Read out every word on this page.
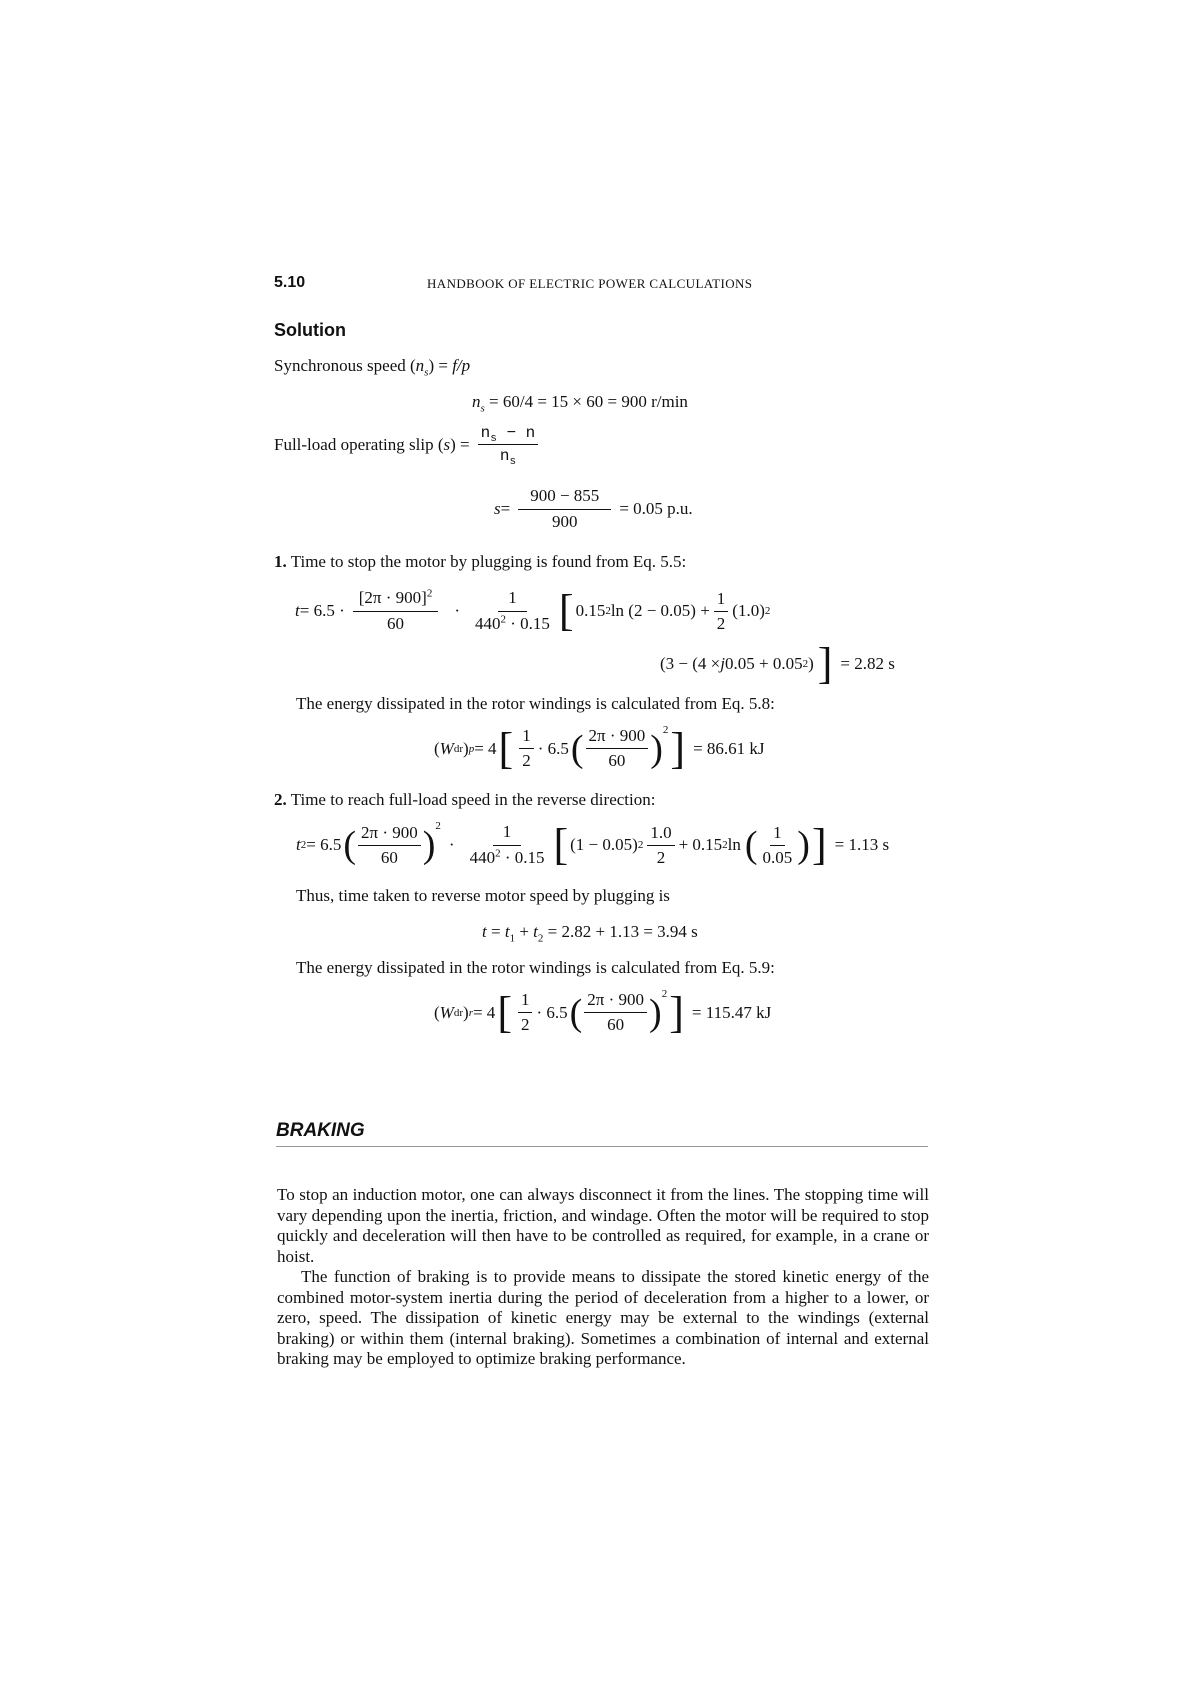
5.10	HANDBOOK OF ELECTRIC POWER CALCULATIONS
Solution
Synchronous speed $(n_s) = f/p$
$n_s = 60/4 = 15 \times 60 = 900$ r/min
Full-load operating slip ( s ) = $\frac{n_s - n}{n_s}$
$s = \frac{900 - 855}{900} = 0.05$ p.u.
1. Time to stop the motor by plugging is found from Eq. 5.5:
$t = 6.5 \cdot \frac{[2\pi \cdot 900]^2}{60} \cdot \frac{1}{440^2 \cdot 0.15}$ [ 0.15 2 $\ln (2 - 0.05) + \frac{1}{2} (1.0)$ 2
(3 − (4 × j 0.05 + 0.05 2 ) ] = 2.82 s
The energy dissipated in the rotor windings is calculated from Eq. 5.8:
( W dr ) p = 4 [ $\frac{1}{2} \cdot 6.5$ ( $\frac{2\pi \cdot 900}{60}$ ) 2 ] = 86.61 kJ
2. Time to reach full-load speed in the reverse direction:
t 2 = 6.5 ( $\frac{2\pi \cdot 900}{60}$ ) 2
· $\frac{1}{440^2 \cdot 0.15}$ [ (1 − 0.05) $2 \frac{1.0}{2} + 0.15$ 2 ln ( $\frac{1}{0.05}$ ) ] = 1.13 s
Thus, time taken to reverse motor speed by plugging is
$t = t_1 + t_2 = 2.82 + 1.13 = 3.94$ s
The energy dissipated in the rotor windings is calculated from Eq. 5.9:
( W dr ) r = 4 [ $\frac{1}{2} \cdot 6.5$ ( $\frac{2\pi \cdot 900}{60}$ ) 2 ] = 115.47 kJ
BRAKING

To stop an induction motor, one can always disconnect it from the lines. The stopping time will vary depending upon the inertia, friction, and windage. Often the motor will be required to stop quickly and deceleration will then have to be controlled as required, for example, in a crane or hoist.

The function of braking is to provide means to dissipate the stored kinetic energy of the combined motor-system inertia during the period of deceleration from a higher to a lower, or zero, speed. The dissipation of kinetic energy may be external to the windings (external braking) or within them (internal braking). Sometimes a combination of internal and external braking may be employed to optimize braking performance.
